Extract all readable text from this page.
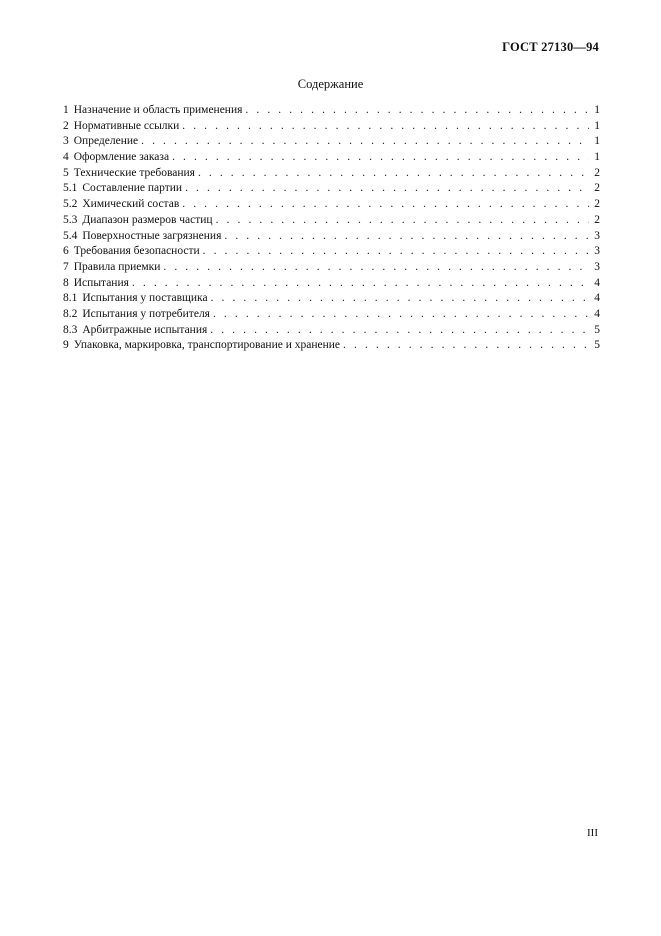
ГОСТ 27130—94
Содержание
1 Назначение и область применения . . .	1
2 Нормативные ссылки . . .	1
3 Определение . . .	1
4 Оформление заказа . . .	1
5 Технические требования . . .	2
5.1 Составление партии . . .	2
5.2 Химический состав . . .	2
5.3 Диапазон размеров частиц . . .	2
5.4 Поверхностные загрязнения . . .	3
6 Требования безопасности . . .	3
7 Правила приемки . . .	3
8 Испытания . . .	4
8.1 Испытания у поставщика . . .	4
8.2 Испытания у потребителя . . .	4
8.3 Арбитражные испытания . . .	5
9 Упаковка, маркировка, транспортирование и хранение . . .	5
III
